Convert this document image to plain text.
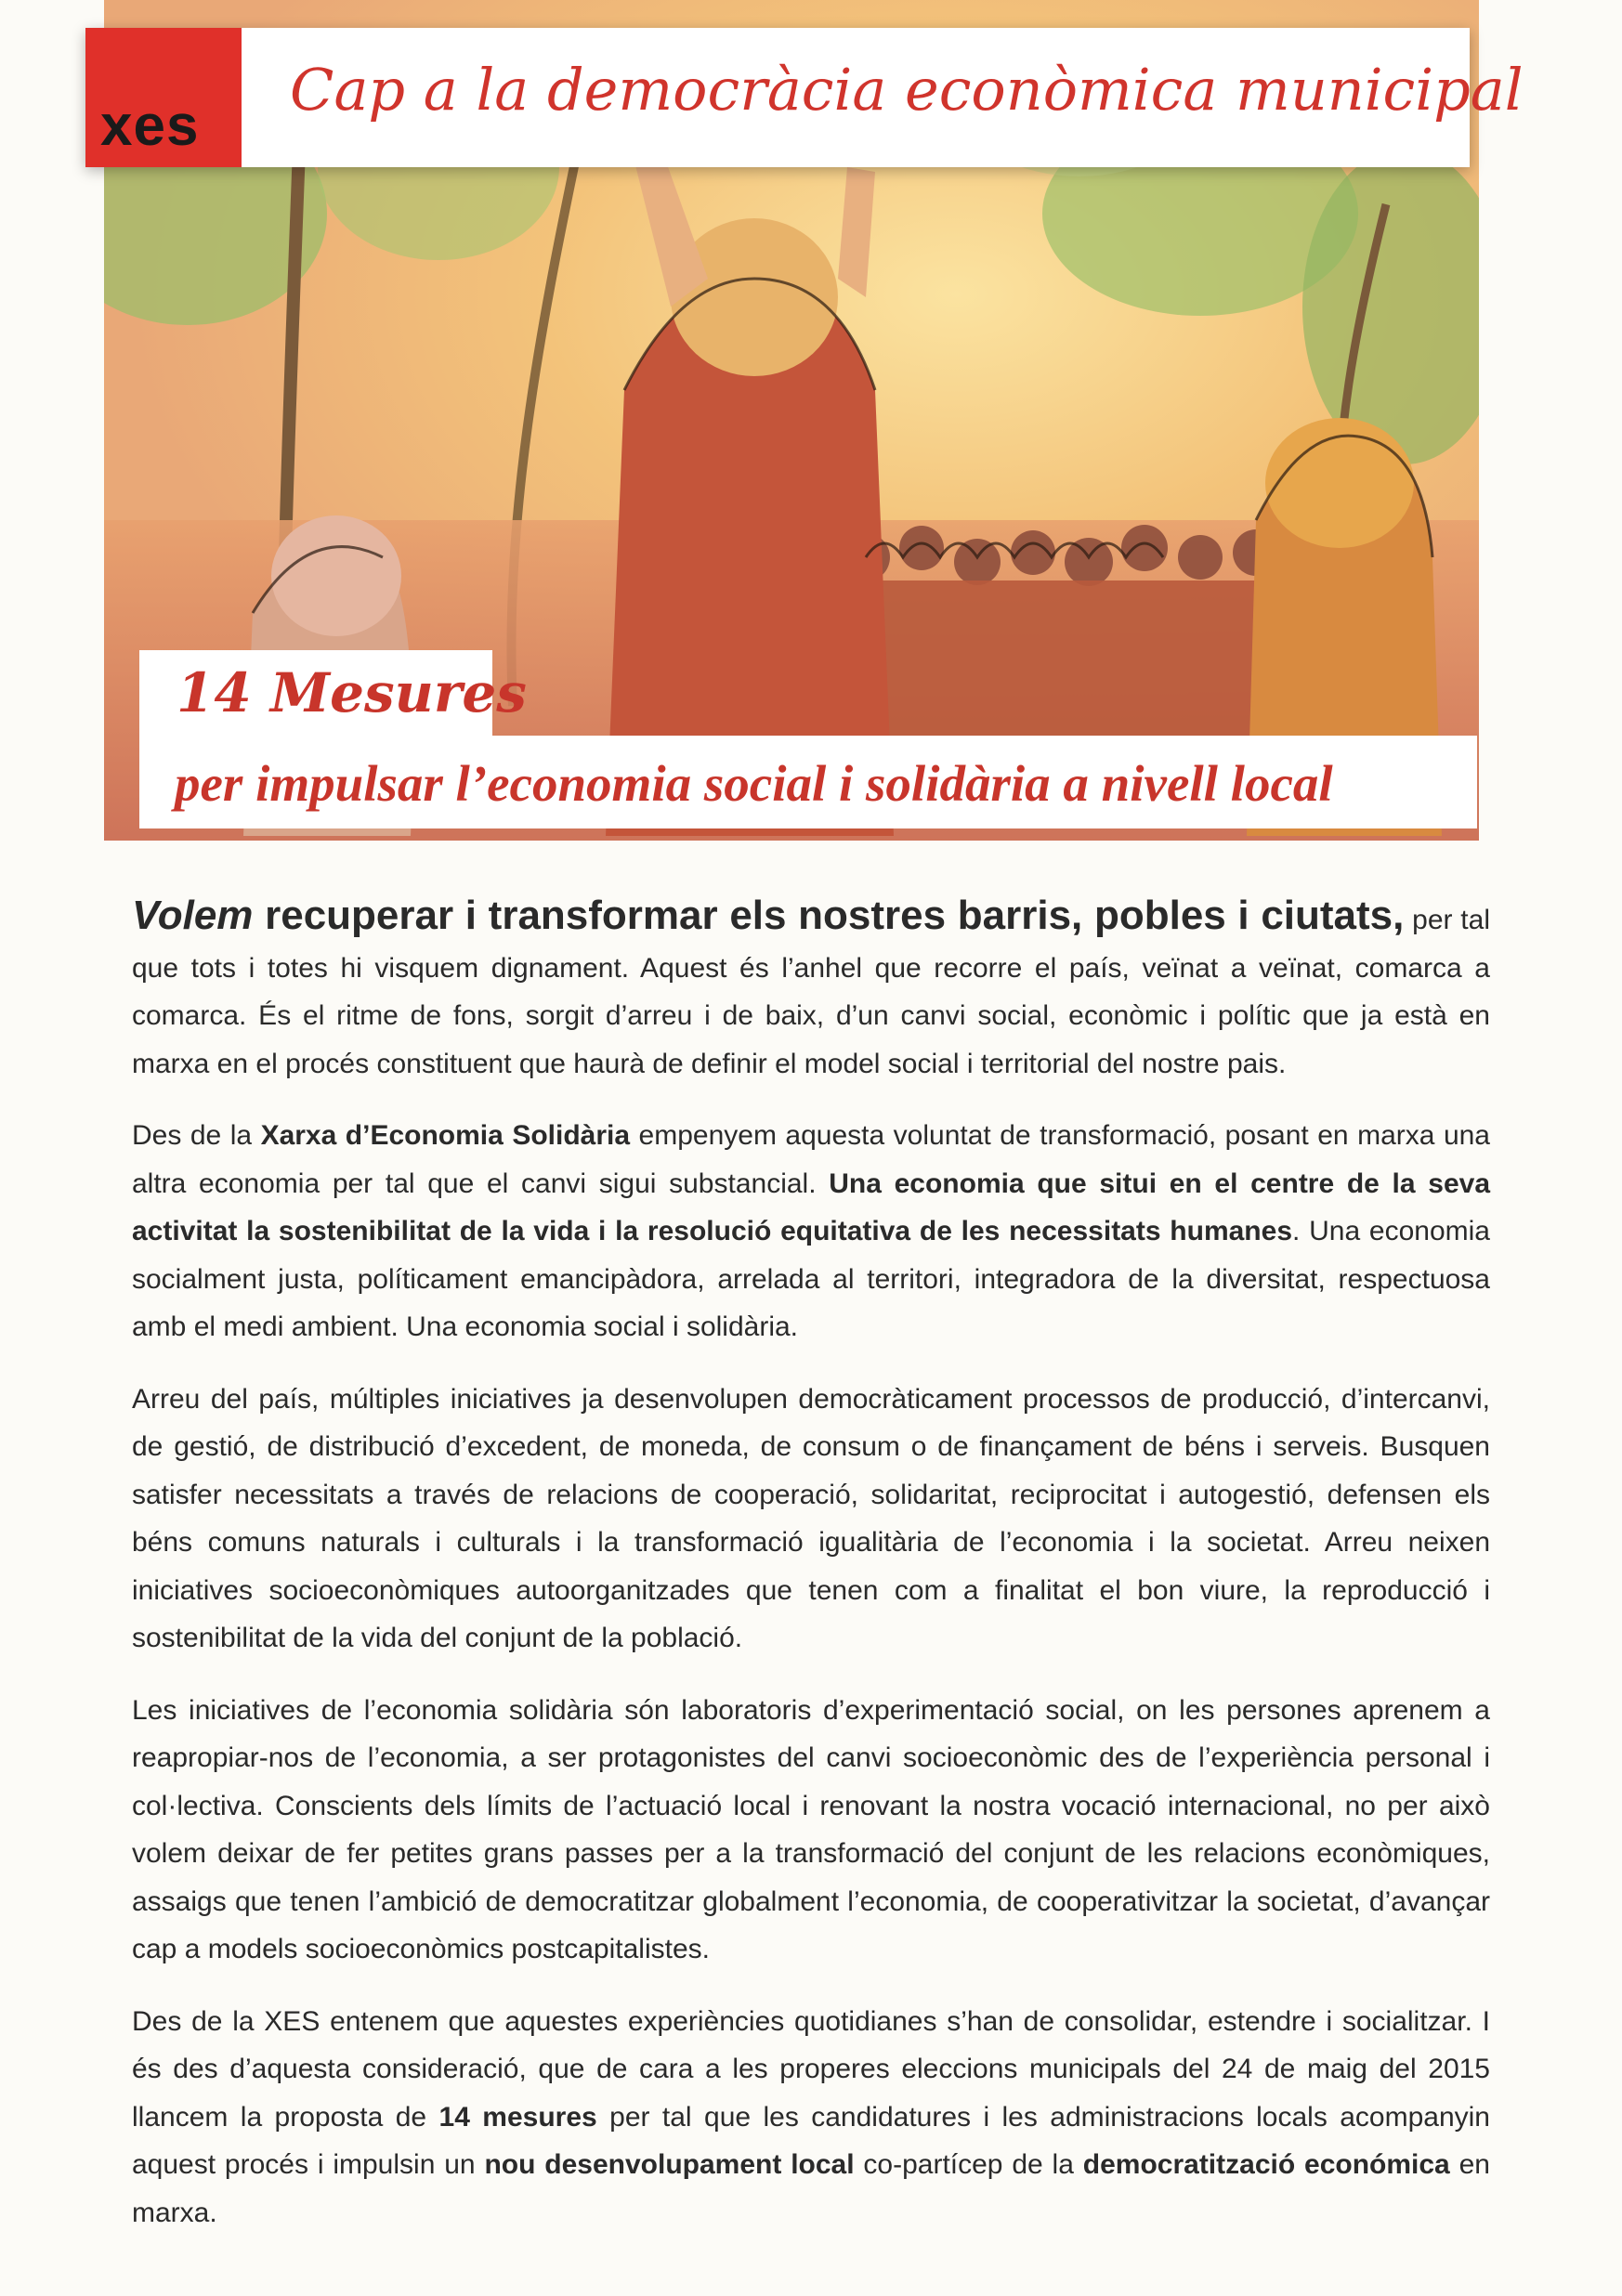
xes
Cap a la democràcia econòmica municipal
14 Mesures
per impulsar l’economia social i solidària a nivell local

Volem recuperar i transformar els nostres barris, pobles i ciutats, per tal que tots i totes hi visquem dignament. Aquest és l’anhel que recorre el país, veïnat a veïnat, comarca a comarca. És el ritme de fons, sorgit d’arreu i de baix, d’un canvi social, econòmic i polític que ja està en marxa en el procés constituent que haurà de definir el model social i territorial del nostre pais.

Des de la Xarxa d’Economia Solidària empenyem aquesta voluntat de transformació, posant en marxa una altra economia per tal que el canvi sigui substancial. Una economia que situi en el centre de la seva activitat la sostenibilitat de la vida i la resolució equitativa de les necessitats humanes. Una economia socialment justa, políticament emancipàdora, arrelada al territori, integradora de la diversitat, respectuosa amb el medi ambient. Una economia social i solidària.

Arreu del país, múltiples iniciatives ja desenvolupen democràticament processos de producció, d’intercanvi, de gestió, de distribució d’excedent, de moneda, de consum o de finançament de béns i serveis. Busquen satisfer necessitats a través de relacions de cooperació, solidaritat, reciprocitat i autogestió, defensen els béns comuns naturals i culturals i la transformació igualitària de l’economia i la societat. Arreu neixen iniciatives socioeconòmiques autoorganitzades que tenen com a finalitat el bon viure, la reproducció i sostenibilitat de la vida del conjunt de la població.

Les iniciatives de l’economia solidària són laboratoris d’experimentació social, on les persones aprenem a reapropiar-nos de l’economia, a ser protagonistes del canvi socioeconòmic des de l’experiència personal i col·lectiva. Conscients dels límits de l’actuació local i renovant la nostra vocació internacional, no per això volem deixar de fer petites grans passes per a la transformació del conjunt de les relacions econòmiques, assaigs que tenen l’ambició de democratitzar globalment l’economia, de cooperativitzar la societat, d’avançar cap a models socioeconòmics postcapitalistes.

Des de la XES entenem que aquestes experiències quotidianes s’han de consolidar, estendre i socialitzar. I és des d’aquesta consideració, que de cara a les properes eleccions municipals del 24 de maig del 2015 llancem la proposta de 14 mesures per tal que les candidatures i les administracions locals acompanyin aquest procés i impulsin un nou desenvolupament local co-partícep de la democratització económica en marxa.
